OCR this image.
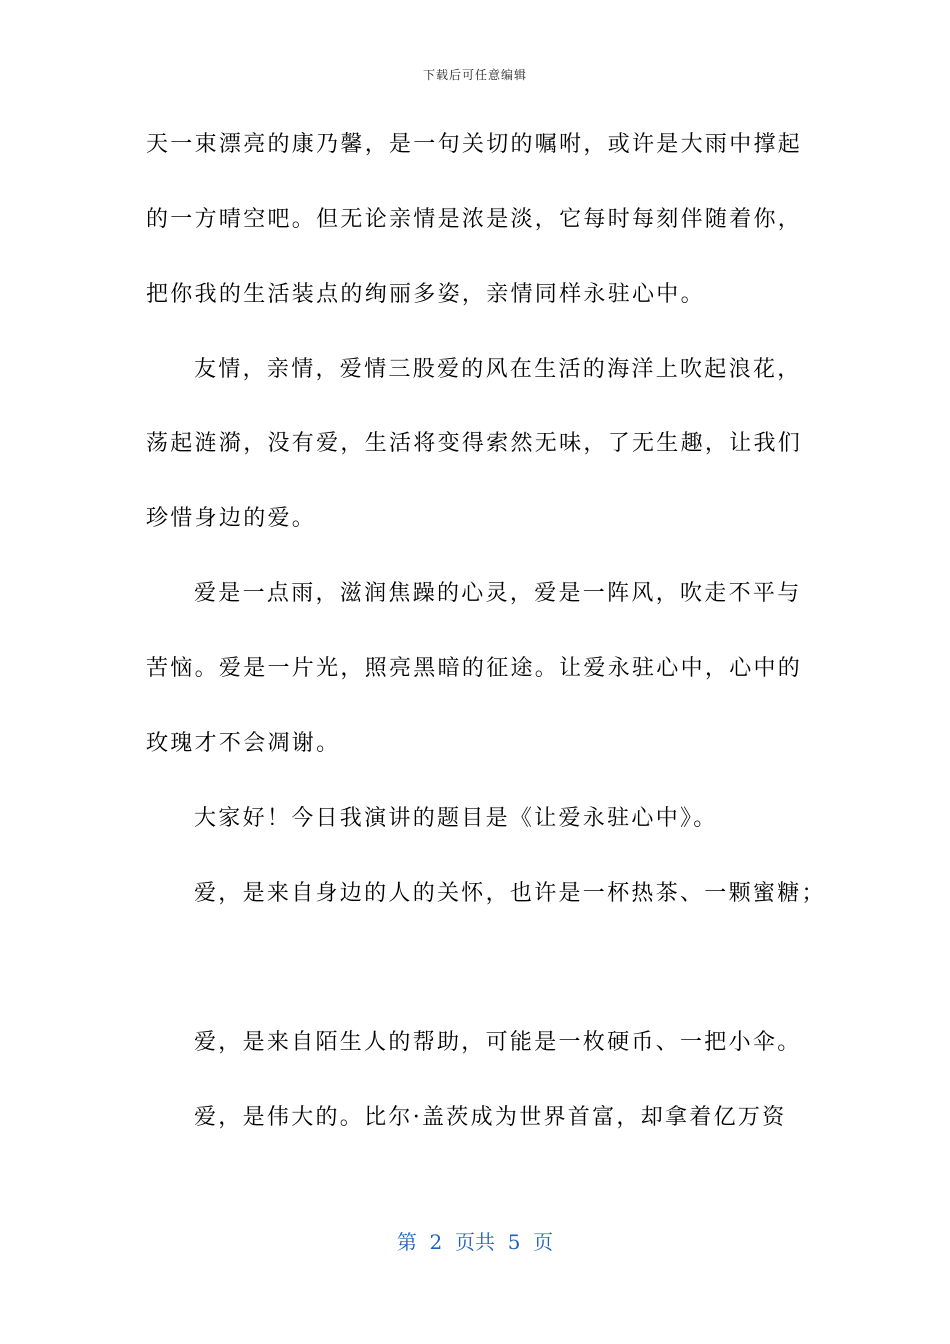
下载后可任意编辑
天一束漂亮的康乃馨，是一句关切的嘱咐，或许是大雨中撑起
的一方晴空吧。但无论亲情是浓是淡，它每时每刻伴随着你，
把你我的生活装点的绚丽多姿，亲情同样永驻心中。
友情，亲情，爱情三股爱的风在生活的海洋上吹起浪花，
荡起涟漪，没有爱，生活将变得索然无味，了无生趣，让我们
珍惜身边的爱。
爱是一点雨，滋润焦躁的心灵，爱是一阵风，吹走不平与
苦恼。爱是一片光，照亮黑暗的征途。让爱永驻心中，心中的
玫瑰才不会凋谢。
大家好！今日我演讲的题目是《让爱永驻心中》。
爱，是来自身边的人的关怀，也许是一杯热茶、一颗蜜糖；
爱，是来自陌生人的帮助，可能是一枚硬币、一把小伞。
爱，是伟大的。比尔·盖茨成为世界首富，却拿着亿万资
第  2  页共  5  页
